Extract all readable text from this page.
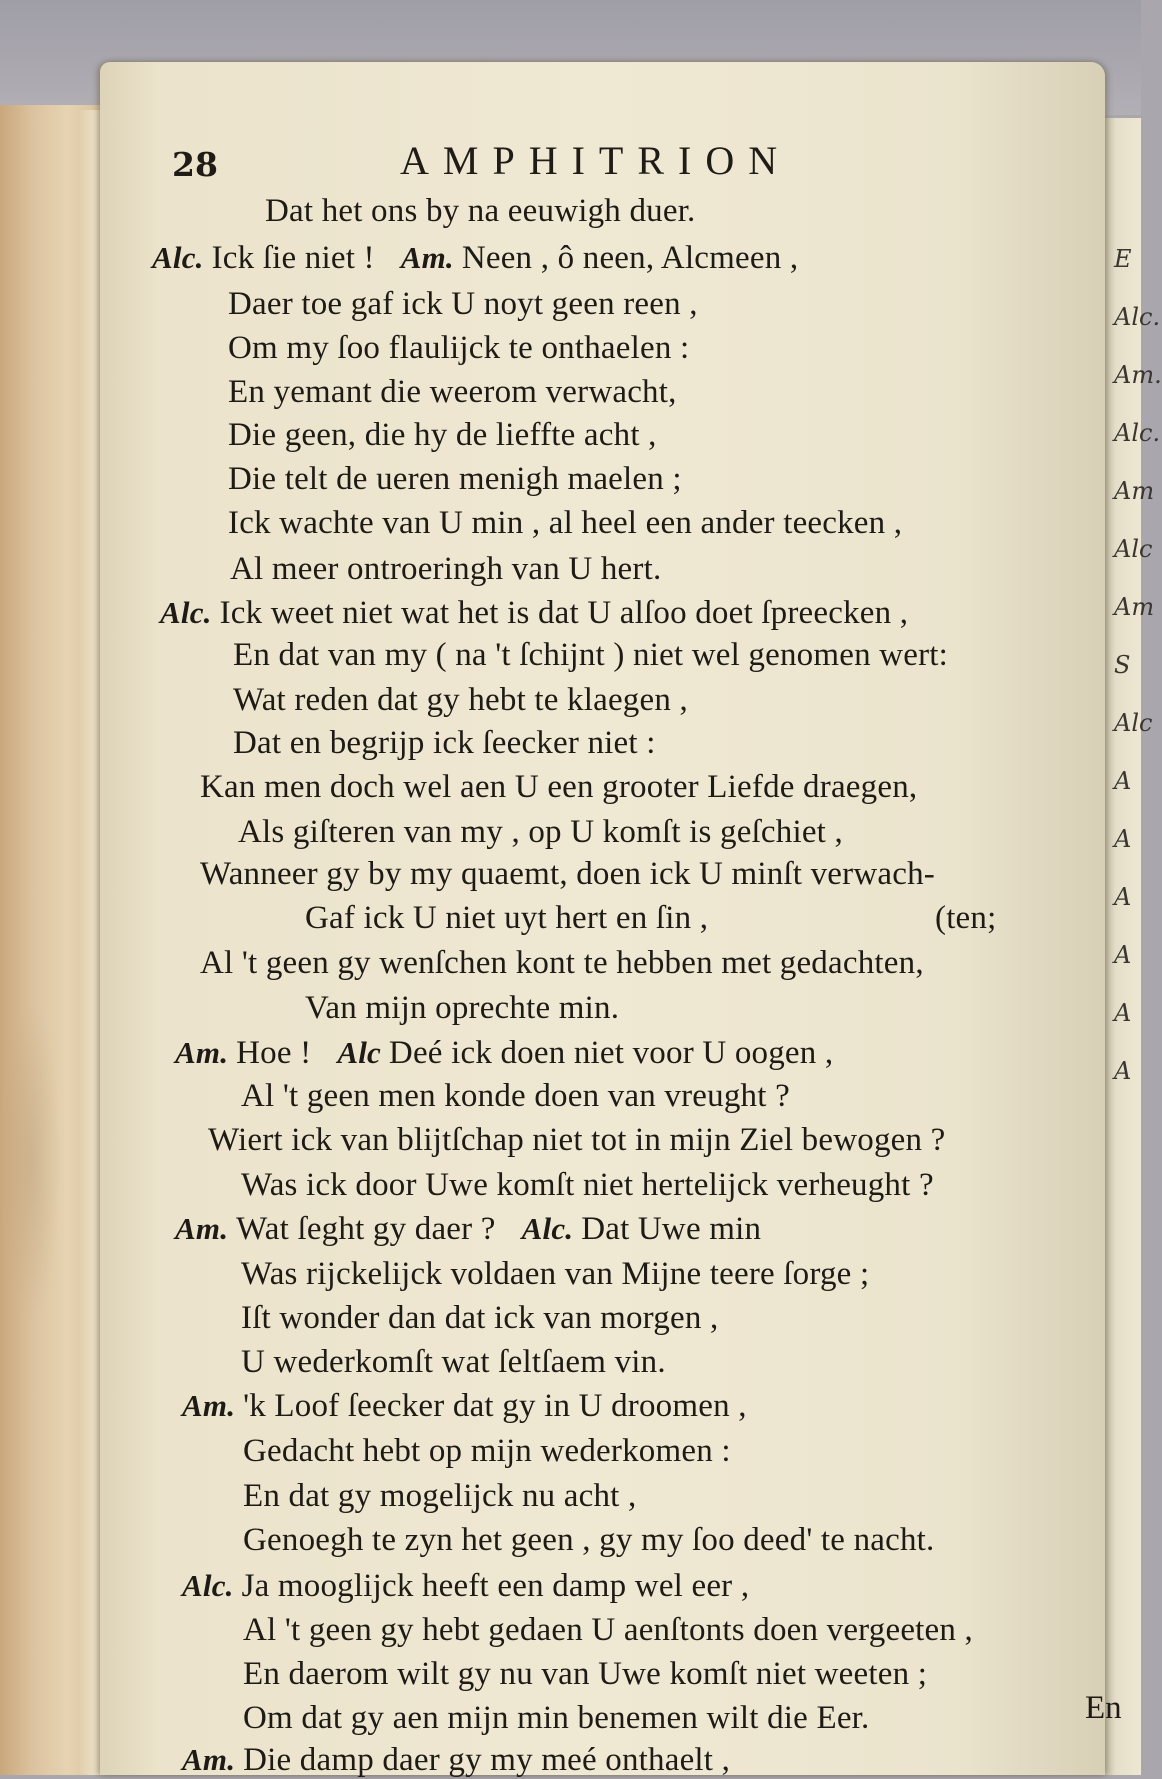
E
Alc.
Am.
Alc.
Am
Alc
Am
S
Alc
A
A
A
A
A
A
28	AMPHITRION
Dat het ons by na eeuwigh duer.
Alc. Ick ſie niet ! Am. Neen , ô neen, Alcmeen ,
Daer toe gaf ick U noyt geen reen ,
Om my ſoo flaulijck te onthaelen :
En yemant die weerom verwacht,
Die geen, die hy de lieffte acht ,
Die telt de ueren menigh maelen ;
Ick wachte van U min , al heel een ander teecken ,
Al meer ontroeringh van U hert.
Alc. Ick weet niet wat het is dat U alſoo doet ſpreecken ,
En dat van my ( na 't ſchijnt ) niet wel genomen wert:
Wat reden dat gy hebt te klaegen ,
Dat en begrijp ick ſeecker niet :
Kan men doch wel aen U een grooter Liefde draegen,
Als giſteren van my , op U komſt is geſchiet ,
Wanneer gy by my quaemt, doen ick U minſt verwach-
Gaf ick U niet uyt hert en ſin ,	(ten;
Al 't geen gy wenſchen kont te hebben met gedachten,
Van mijn oprechte min.
Am. Hoe ! Alc Deé ick doen niet voor U oogen ,
Al 't geen men konde doen van vreught ?
Wiert ick van blijtſchap niet tot in mijn Ziel bewogen ?
Was ick door Uwe komſt niet hertelijck verheught ?
Am. Wat ſeght gy daer ? Alc. Dat Uwe min
Was rijckelijck voldaen van Mijne teere ſorge ;
Iſt wonder dan dat ick van morgen ,
U wederkomſt wat ſeltſaem vin.
Am. 'k Loof ſeecker dat gy in U droomen ,
Gedacht hebt op mijn wederkomen :
En dat gy mogelijck nu acht ,
Genoegh te zyn het geen , gy my ſoo deed' te nacht.
Alc. Ja mooglijck heeft een damp wel eer ,
Al 't geen gy hebt gedaen U aenſtonts doen vergeeten ,
En daerom wilt gy nu van Uwe komſt niet weeten ;
Om dat gy aen mijn min benemen wilt die Eer.
Am. Die damp daer gy my meé onthaelt ,
En
